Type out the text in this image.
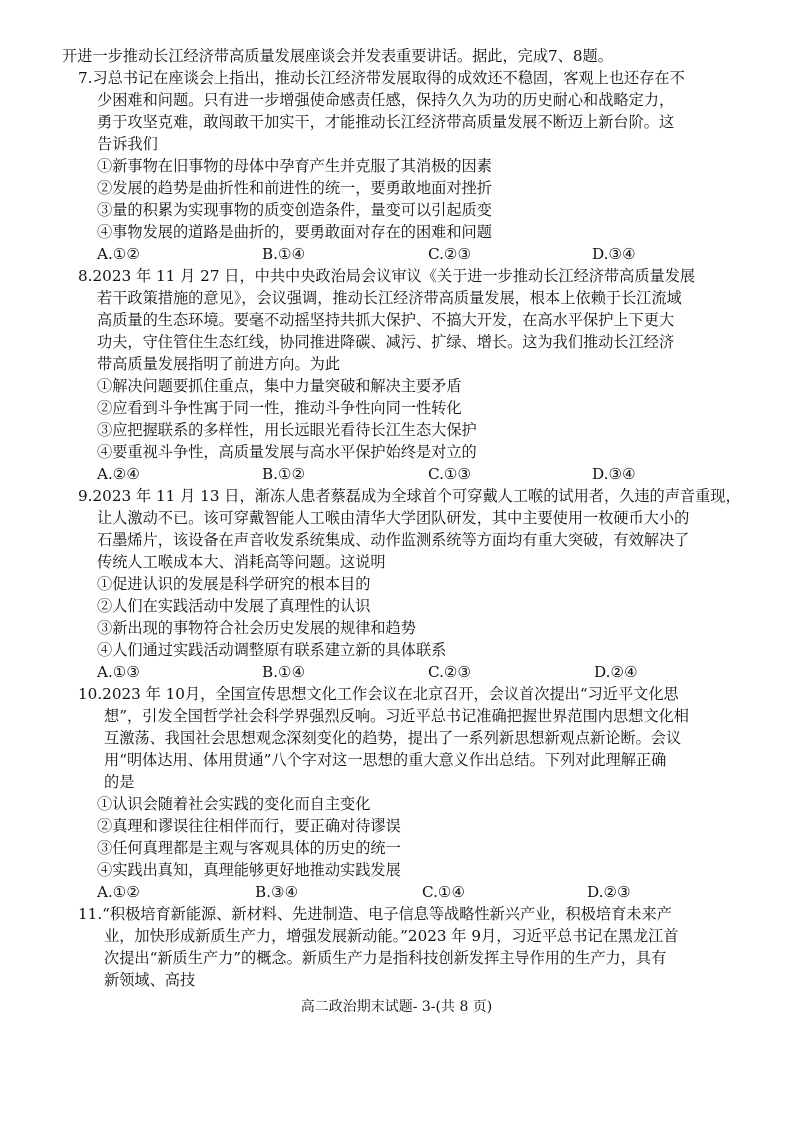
开进一步推动长江经济带高质量发展座谈会并发表重要讲话。据此，完成7、8题。
7.习总书记在座谈会上指出，推动长江经济带发展取得的成效还不稳固，客观上也还存在不
少困难和问题。只有进一步增强使命感责任感，保持久久为功的历史耐心和战略定力，
勇于攻坚克难，敢闯敢干加实干，才能推动长江经济带高质量发展不断迈上新台阶。这
告诉我们
①新事物在旧事物的母体中孕育产生并克服了其消极的因素
②发展的趋势是曲折性和前进性的统一，要勇敢地面对挫折
③量的积累为实现事物的质变创造条件，量变可以引起质变
④事物发展的道路是曲折的，要勇敢面对存在的困难和问题
A.①②	B.①④	C.②③	D.③④
8.2023 年 11 月 27 日，中共中央政治局会议审议《关于进一步推动长江经济带高质量发展
若干政策措施的意见》，会议强调，推动长江经济带高质量发展，根本上依赖于长江流域
高质量的生态环境。要毫不动摇坚持共抓大保护、不搞大开发，在高水平保护上下更大
功夫，守住管住生态红线，协同推进降碳、减污、扩绿、增长。这为我们推动长江经济
带高质量发展指明了前进方向。为此
①解决问题要抓住重点，集中力量突破和解决主要矛盾
②应看到斗争性寓于同一性，推动斗争性向同一性转化
③应把握联系的多样性，用长远眼光看待长江生态大保护
④要重视斗争性，高质量发展与高水平保护始终是对立的
A.②④	B.①②	C.①③	D.③④
9.2023 年 11 月 13 日，渐冻人患者蔡磊成为全球首个可穿戴人工喉的试用者，久违的声音重现，
让人激动不已。该可穿戴智能人工喉由清华大学团队研发，其中主要使用一枚硬币大小的
石墨烯片，该设备在声音收发系统集成、动作监测系统等方面均有重大突破，有效解决了
传统人工喉成本大、消耗高等问题。这说明
①促进认识的发展是科学研究的根本目的
②人们在实践活动中发展了真理性的认识
③新出现的事物符合社会历史发展的规律和趋势
④人们通过实践活动调整原有联系建立新的具体联系
A.①③	B.①④	C.②③	D.②④
10.2023 年 10月，全国宣传思想文化工作会议在北京召开，会议首次提出“习近平文化思
想”，引发全国哲学社会科学界强烈反响。习近平总书记准确把握世界范围内思想文化相
互激荡、我国社会思想观念深刻变化的趋势，提出了一系列新思想新观点新论断。会议
用“明体达用、体用贯通”八个字对这一思想的重大意义作出总结。下列对此理解正确
的是
①认识会随着社会实践的变化而自主变化
②真理和谬误往往相伴而行，要正确对待谬误
③任何真理都是主观与客观具体的历史的统一
④实践出真知，真理能够更好地推动实践发展
A.①②	B.③④	C.①④	D.②③
11.“积极培育新能源、新材料、先进制造、电子信息等战略性新兴产业，积极培育未来产
业，加快形成新质生产力，增强发展新动能。”2023 年 9月，习近平总书记在黑龙江首
次提出“新质生产力”的概念。新质生产力是指科技创新发挥主导作用的生产力，具有
新领域、高技
高二政治期末试题- 3-(共 8 页)
